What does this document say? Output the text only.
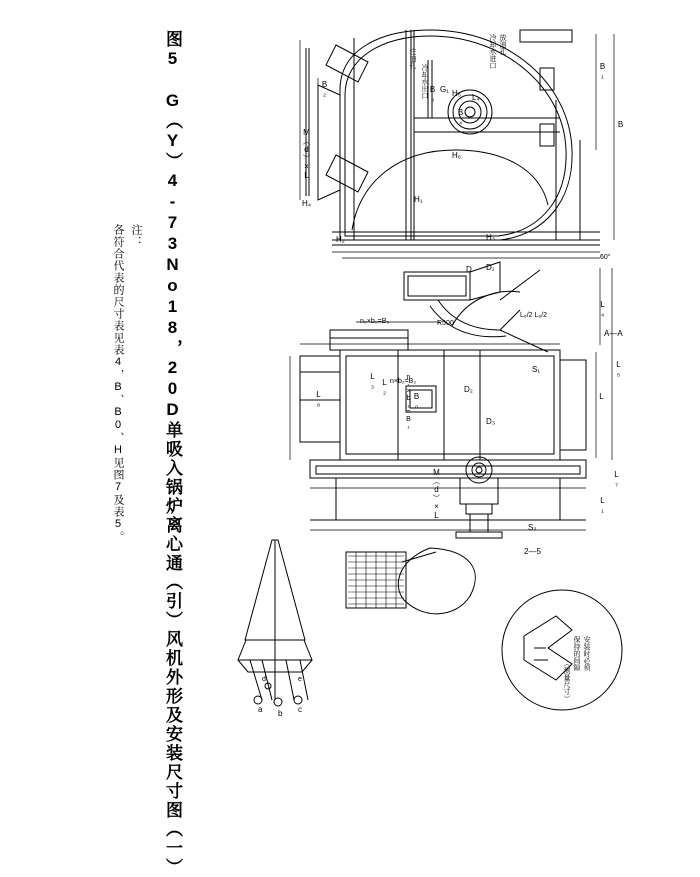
图5 G（Y）4-73No18，20D单吸入锅炉离心通（引）风机外形及安装尺寸图（一）
注：
各符合代表的尺寸表见表4，B、B0、H见图7及表5。
B₁
B
B₂	B₃
B₄
H₁
H₃
H₂
H₄
H₅
H₆
G₁
L₄
M（d）×L
冷却水进口
冷却水出口
注油孔
放油孔
60°
A—A
D₁
D
D₂
D₃
R500
L₄
L₅
L
L₇
L₁
L₈
L₂
L₃
n₀×b₀=B₀
n×b₂=B₂
n₁×b₁=B₁
L₆/2 L₆/2
S₁
S₂
M（d）×L
2—5
B₀
a b c
d	e
安装时必须
保持的间隙
（测量尺寸）
